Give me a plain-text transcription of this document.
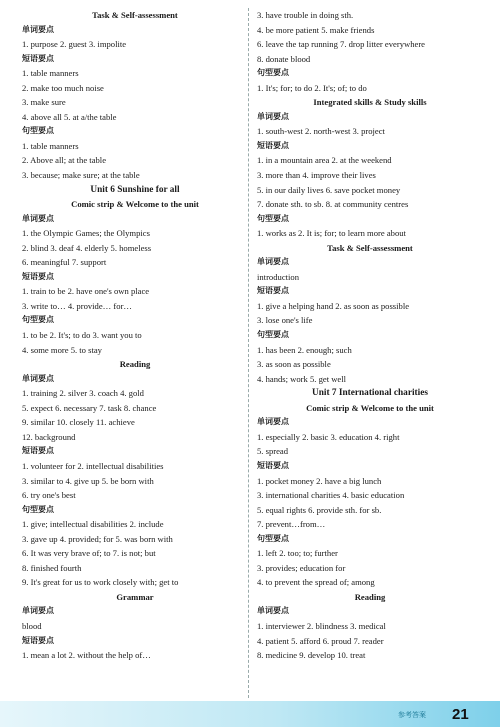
Task & Self-assessment
单词要点
1. purpose 2. guest 3. impolite
短语要点
1. table manners
2. make too much noise
3. make sure
4. above all 5. at a/the table
句型要点
1. table manners
2. Above all; at the table
3. because; make sure; at the table
Unit 6 Sunshine for all
Comic strip & Welcome to the unit
单词要点
1. the Olympic Games; the Olympics
2. blind 3. deaf 4. elderly 5. homeless
6. meaningful 7. support
短语要点
1. train to be 2. have one's own place
3. write to… 4. provide… for…
句型要点
1. to be 2. It's; to do 3. want you to
4. some more 5. to stay
Reading
单词要点
1. training 2. silver 3. coach 4. gold
5. expect 6. necessary 7. task 8. chance
9. similar 10. closely 11. achieve
12. background
短语要点
1. volunteer for 2. intellectual disabilities
3. similar to 4. give up 5. be born with
6. try one's best
句型要点
1. give; intellectual disabilities 2. include
3. gave up 4. provided; for 5. was born with
6. It was very brave of; to 7. is not; but
8. finished fourth
9. It's great for us to work closely with; get to
Grammar
单词要点
blood
短语要点
1. mean a lot 2. without the help of…
3. have trouble in doing sth.
4. be more patient 5. make friends
6. leave the tap running 7. drop litter everywhere
8. donate blood
句型要点
1. It's; for; to do 2. It's; of; to do
Integrated skills & Study skills
单词要点
1. south-west 2. north-west 3. project
短语要点
1. in a mountain area 2. at the weekend
3. more than 4. improve their lives
5. in our daily lives 6. save pocket money
7. donate sth. to sb. 8. at community centres
句型要点
1. works as 2. It is; for; to learn more about
Task & Self-assessment
单词要点
introduction
短语要点
1. give a helping hand 2. as soon as possible
3. lose one's life
句型要点
1. has been 2. enough; such
3. as soon as possible
4. hands; work 5. get well
Unit 7 International charities
Comic strip & Welcome to the unit
单词要点
1. especially 2. basic 3. education 4. right
5. spread
短语要点
1. pocket money 2. have a big lunch
3. international charities 4. basic education
5. equal rights 6. provide sth. for sb.
7. prevent…from…
句型要点
1. left 2. too; to; further
3. provides; education for
4. to prevent the spread of; among
Reading
单词要点
1. interviewer 2. blindness 3. medical
4. patient 5. afford 6. proud 7. reader
8. medicine 9. develop 10. treat
参考答案 21
